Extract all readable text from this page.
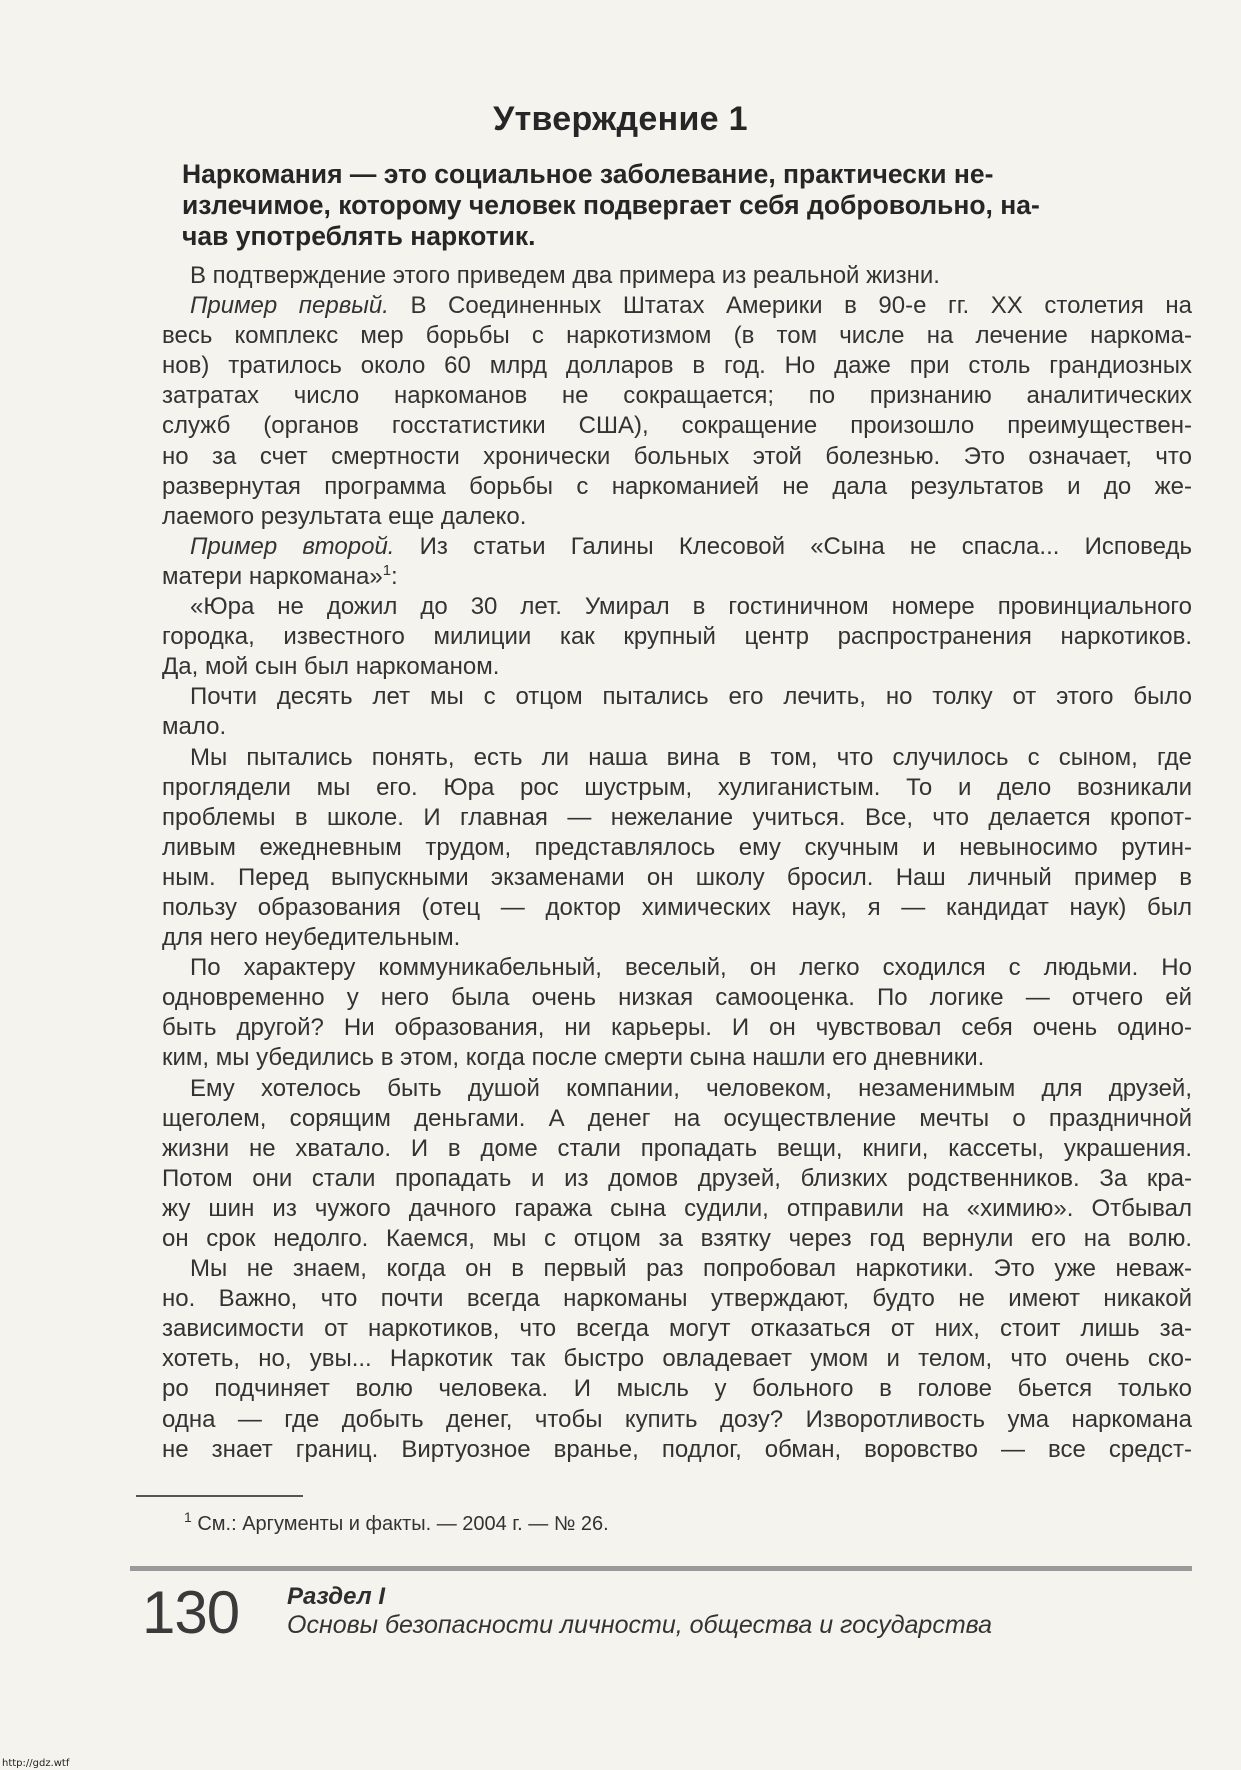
Утверждение 1
Наркомания — это социальное заболевание, практически не-
излечимое, которому человек подвергает себя добровольно, на-
чав употреблять наркотик.
В подтверждение этого приведем два примера из реальной жизни.
Пример первый. В Соединенных Штатах Америки в 90-е гг. ХХ столетия на
весь комплекс мер борьбы с наркотизмом (в том числе на лечение наркома-
нов) тратилось около 60 млрд долларов в год. Но даже при столь грандиозных
затратах число наркоманов не сокращается; по признанию аналитических
служб (органов госстатистики США), сокращение произошло преимуществен-
но за счет смертности хронически больных этой болезнью. Это означает, что
развернутая программа борьбы с наркоманией не дала результатов и до же-
лаемого результата еще далеко.
Пример второй. Из статьи Галины Клесовой «Сына не спасла... Исповедь
матери наркомана»$^1$:
«Юра не дожил до 30 лет. Умирал в гостиничном номере провинциального
городка, известного милиции как крупный центр распространения наркотиков.
Да, мой сын был наркоманом.
Почти десять лет мы с отцом пытались его лечить, но толку от этого было
мало.
Мы пытались понять, есть ли наша вина в том, что случилось с сыном, где
проглядели мы его. Юра рос шустрым, хулиганистым. То и дело возникали
проблемы в школе. И главная — нежелание учиться. Все, что делается кропот-
ливым ежедневным трудом, представлялось ему скучным и невыносимо рутин-
ным. Перед выпускными экзаменами он школу бросил. Наш личный пример в
пользу образования (отец — доктор химических наук, я — кандидат наук) был
для него неубедительным.
По характеру коммуникабельный, веселый, он легко сходился с людьми. Но
одновременно у него была очень низкая самооценка. По логике — отчего ей
быть другой? Ни образования, ни карьеры. И он чувствовал себя очень одино-
ким, мы убедились в этом, когда после смерти сына нашли его дневники.
Ему хотелось быть душой компании, человеком, незаменимым для друзей,
щеголем, сорящим деньгами. А денег на осуществление мечты о праздничной
жизни не хватало. И в доме стали пропадать вещи, книги, кассеты, украшения.
Потом они стали пропадать и из домов друзей, близких родственников. За кра-
жу шин из чужого дачного гаража сына судили, отправили на «химию». Отбывал
он срок недолго. Каемся, мы с отцом за взятку через год вернули его на волю.
Мы не знаем, когда он в первый раз попробовал наркотики. Это уже неваж-
но. Важно, что почти всегда наркоманы утверждают, будто не имеют никакой
зависимости от наркотиков, что всегда могут отказаться от них, стоит лишь за-
хотеть, но, увы... Наркотик так быстро овладевает умом и телом, что очень ско-
ро подчиняет волю человека. И мысль у больного в голове бьется только
одна — где добыть денег, чтобы купить дозу? Изворотливость ума наркомана
не знает границ. Виртуозное вранье, подлог, обман, воровство — все средст-
$^1$ См.: Аргументы и факты. — 2004 г. — № 26.
130 Раздел I
Основы безопасности личности, общества и государства
http://gdz.wtf
